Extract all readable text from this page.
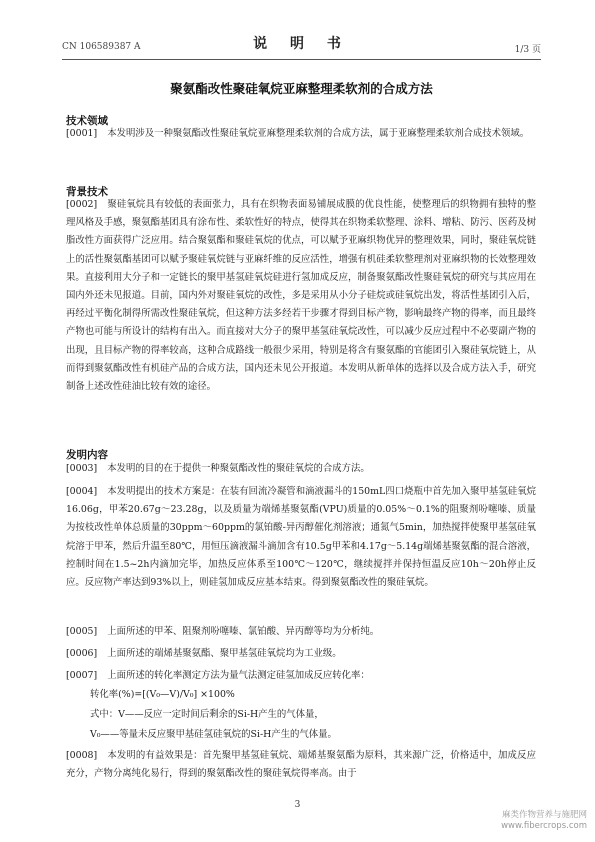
CN 106589387 A	说 明 书	1/3 页
聚氨酯改性聚硅氧烷亚麻整理柔软剂的合成方法
技术领域
[0001] 本发明涉及一种聚氨酯改性聚硅氧烷亚麻整理柔软剂的合成方法，属于亚麻整理柔软剂合成技术领域。
背景技术
[0002] 聚硅氧烷具有较低的表面张力，具有在织物表面易铺展成膜的优良性能，使整理后的织物拥有独特的整理风格及手感，聚氨酯基团具有涂布性、柔软性好的特点，使得其在织物柔软整理、涂料、增粘、防污、医药及树脂改性方面获得广泛应用。结合聚氨酯和聚硅氧烷的优点，可以赋予亚麻织物优异的整理效果，同时，聚硅氧烷链上的活性聚氨酯基团可以赋予聚硅氧烷链与亚麻纤维的反应活性，增强有机硅柔软整理剂对亚麻织物的长效整理效果。直接利用大分子和一定链长的聚甲基氢硅氧烷硅进行氢加成反应，制备聚氨酯改性聚硅氧烷的研究与其应用在国内外还未见报道。目前，国内外对聚硅氧烷的改性，多是采用从小分子硅烷或硅氧烷出发，将活性基团引入后，再经过平衡化制得所需改性聚硅氧烷，但这种方法多经若干步骤才得到目标产物，影响最终产物的得率，而且最终产物也可能与所设计的结构有出入。而直接对大分子的聚甲基氢硅氧烷改性，可以减少反应过程中不必要副产物的出现，且目标产物的得率较高，这种合成路线一般很少采用，特别是将含有聚氨酯的官能团引入聚硅氧烷链上，从而得到聚氨酯改性有机硅产品的合成方法，国内还未见公开报道。本发明从新单体的选择以及合成方法入手，研究制备上述改性硅油比较有效的途径。
发明内容
[0003] 本发明的目的在于提供一种聚氨酯改性的聚硅氧烷的合成方法。
[0004] 本发明提出的技术方案是：在装有回流冷凝管和滴液漏斗的150mL四口烧瓶中首先加入聚甲基氢硅氧烷16.06g，甲苯20.67g～23.28g，以及质量为端烯基聚氨酯(VPU)质量的0.05%～0.1%的阻聚剂吩噻嗪、质量为按枝改性单体总质量的30ppm～60ppm的氯铂酸-异丙醇催化剂溶液；通氮气5min，加热搅拌使聚甲基氢硅氧烷溶于甲苯，然后升温至80℃，用恒压滴液漏斗滴加含有10.5g甲苯和4.17g～5.14g端烯基聚氨酯的混合溶液，控制时间在1.5~2h内滴加完毕，加热反应体系至100℃～120℃，继续搅拌并保持恒温反应10h～20h停止反应。反应物产率达到93%以上，则硅氢加成反应基本结束。得到聚氨酯改性的聚硅氧烷。
[0005] 上面所述的甲苯、阻聚剂吩噻嗪、氯铂酸、异丙醇等均为分析纯。
[0006] 上面所述的端烯基聚氨酯、聚甲基氢硅氧烷均为工业级。
[0007] 上面所述的转化率测定方法为量气法测定硅氢加成反应转化率：
转化率(%)=[(V₀—V)/V₀] ×100%
式中：V——反应一定时间后剩余的Si-H产生的气体量，
V₀——等量未反应聚甲基硅氢硅氧烷的Si-H产生的气体量。
[0008] 本发明的有益效果是：首先聚甲基氢硅氧烷、端烯基聚氨酯为原料，其来源广泛，价格适中，加成反应充分，产物分离纯化易行，得到的聚氨酯改性的聚硅氧烷得率高。由于
3
麻类作物营养与施肥网
www.fibercrops.com
